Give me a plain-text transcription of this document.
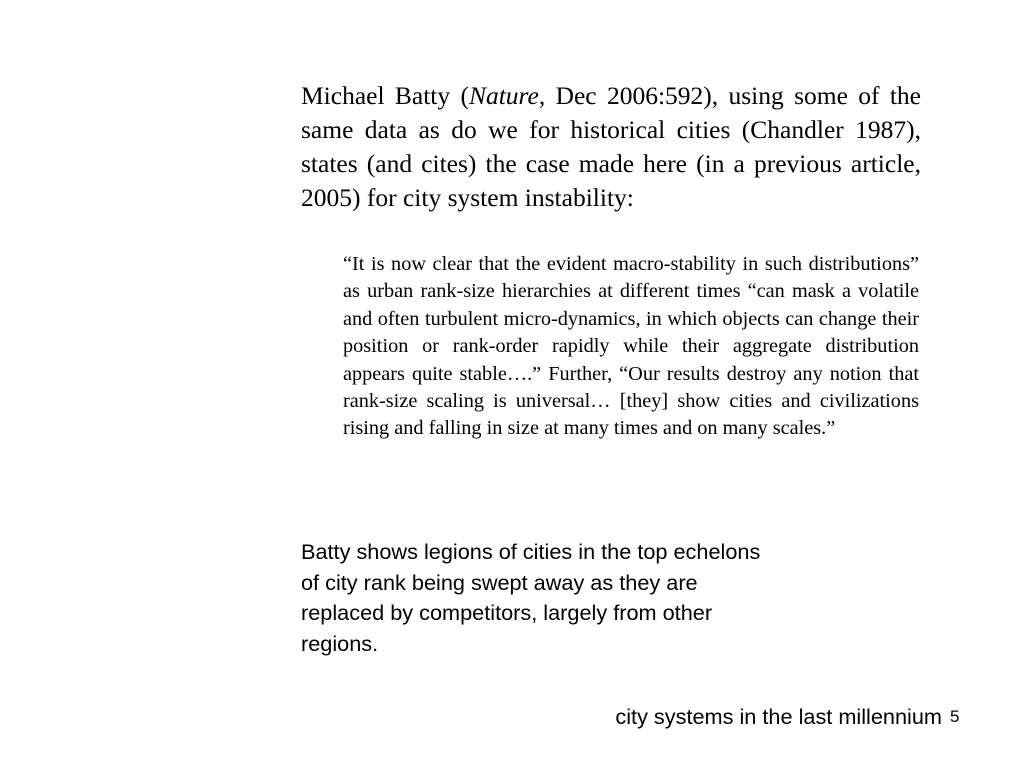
Michael Batty (Nature, Dec 2006:592), using some of the same data as do we for historical cities (Chandler 1987), states (and cites) the case made here (in a previous article, 2005) for city system instability:

“It is now clear that the evident macro-stability in such distributions” as urban rank-size hierarchies at different times “can mask a volatile and often turbulent micro-dynamics, in which objects can change their position or rank-order rapidly while their aggregate distribution appears quite stable….” Further, “Our results destroy any notion that rank-size scaling is universal… [they] show cities and civilizations rising and falling in size at many times and on many scales.”

Batty shows legions of cities in the top echelons of city rank being swept away as they are replaced by competitors, largely from other regions.

city systems in the last millennium 5
